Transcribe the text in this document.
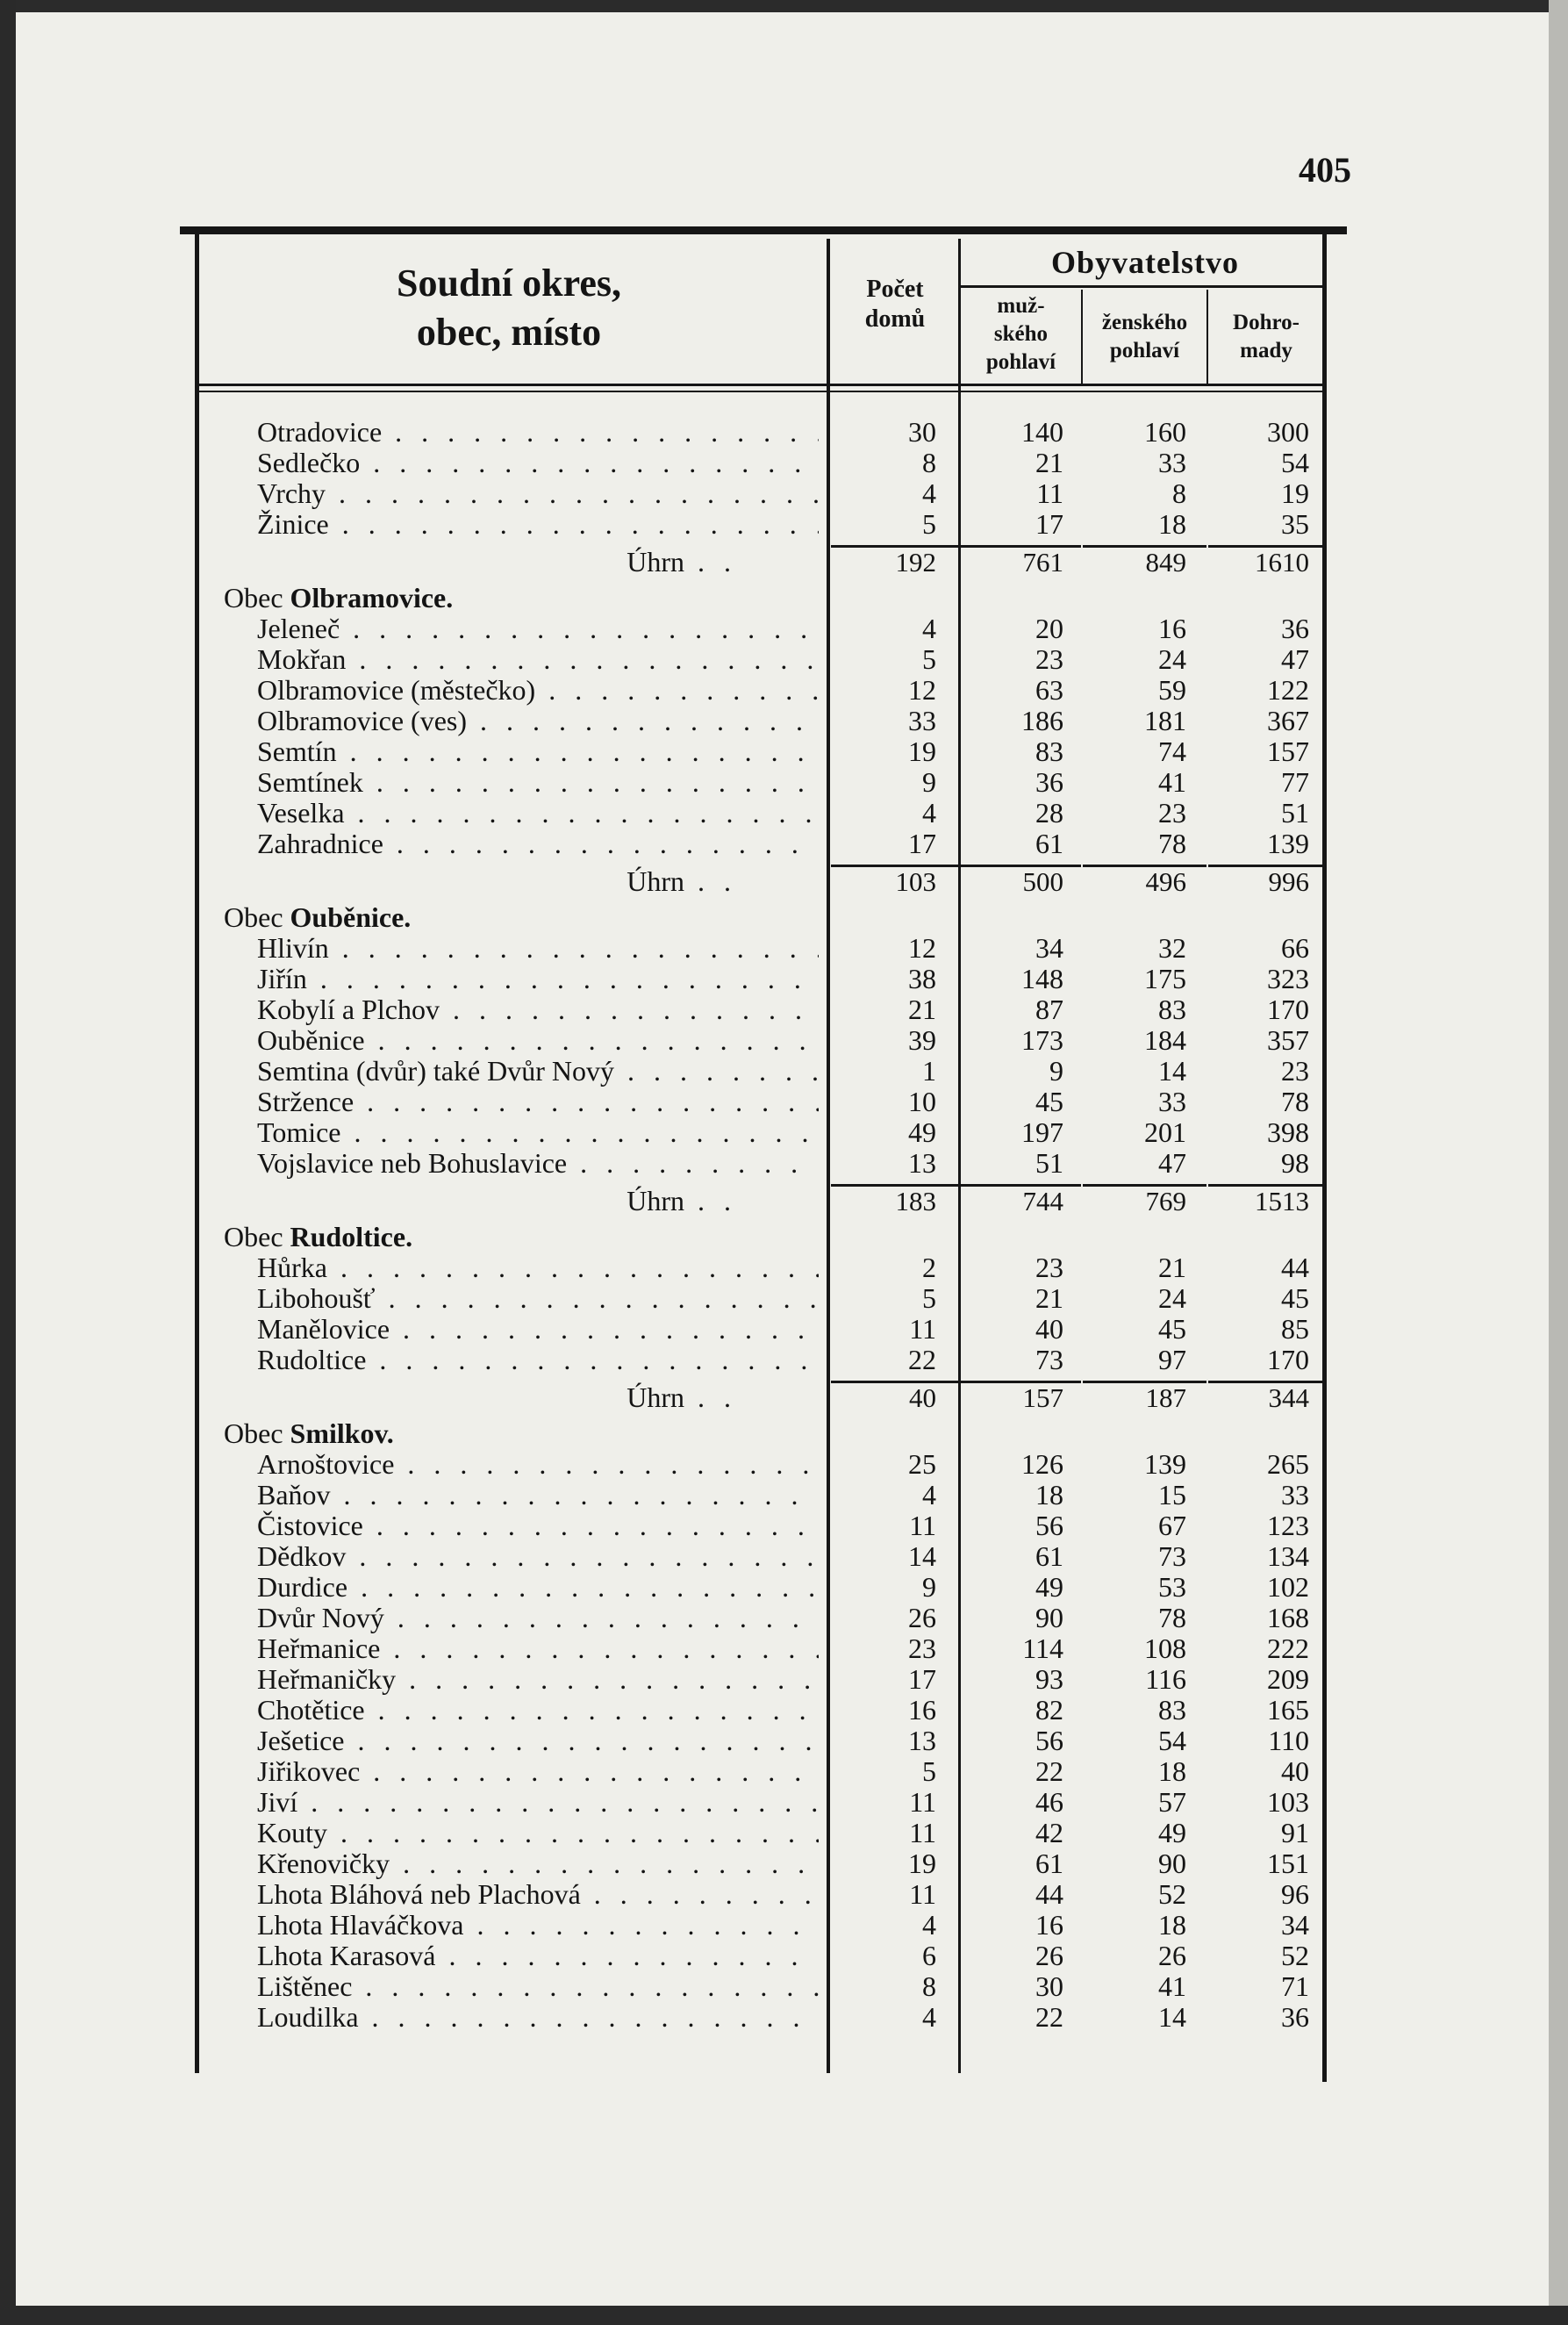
405
Soudní okres,
obec, místo
Počet
domů
Obyvatelstvo
muž-
ského
pohlaví
ženského
pohlaví
Dohro-
mady
Otradovice . . .	30	140	160	300
Sedlečko . . .	8	21	33	54
Vrchy . . .	4	11	8	19
Žinice . . .	5	17	18	35
Úhrn . .	192	761	849	1610
Obec Olbramovice.
Jeleneč . . .	4	20	16	36
Mokřan . . .	5	23	24	47
Olbramovice (městečko) . . .	12	63	59	122
Olbramovice (ves) . . .	33	186	181	367
Semtín . . .	19	83	74	157
Semtínek . . .	9	36	41	77
Veselka . . .	4	28	23	51
Zahradnice . . .	17	61	78	139
Úhrn . .	103	500	496	996
Obec Ouběnice.
Hlivín . . .	12	34	32	66
Jiřín . . .	38	148	175	323
Kobylí a Plchov . . .	21	87	83	170
Ouběnice . . .	39	173	184	357
Semtina (dvůr) také Dvůr Nový . . .	1	9	14	23
Stržence . . .	10	45	33	78
Tomice . . .	49	197	201	398
Vojslavice neb Bohuslavice . . .	13	51	47	98
Úhrn . .	183	744	769	1513
Obec Rudoltice.
Hůrka . . .	2	23	21	44
Libohoušť . . .	5	21	24	45
Manělovice . . .	11	40	45	85
Rudoltice . . .	22	73	97	170
Úhrn . .	40	157	187	344
Obec Smilkov.
Arnoštovice . . .	25	126	139	265
Baňov . . .	4	18	15	33
Čistovice . . .	11	56	67	123
Dědkov . . .	14	61	73	134
Durdice . . .	9	49	53	102
Dvůr Nový . . .	26	90	78	168
Heřmanice . . .	23	114	108	222
Heřmaničky . . .	17	93	116	209
Chotětice . . .	16	82	83	165
Ješetice . . .	13	56	54	110
Jiřikovec . . .	5	22	18	40
Jiví . . .	11	46	57	103
Kouty . . .	11	42	49	91
Křenovičky . . .	19	61	90	151
Lhota Bláhová neb Plachová . . .	11	44	52	96
Lhota Hlaváčkova . . .	4	16	18	34
Lhota Karasová . . .	6	26	26	52
Lištěnec . . .	8	30	41	71
Loudilka . . .	4	22	14	36
